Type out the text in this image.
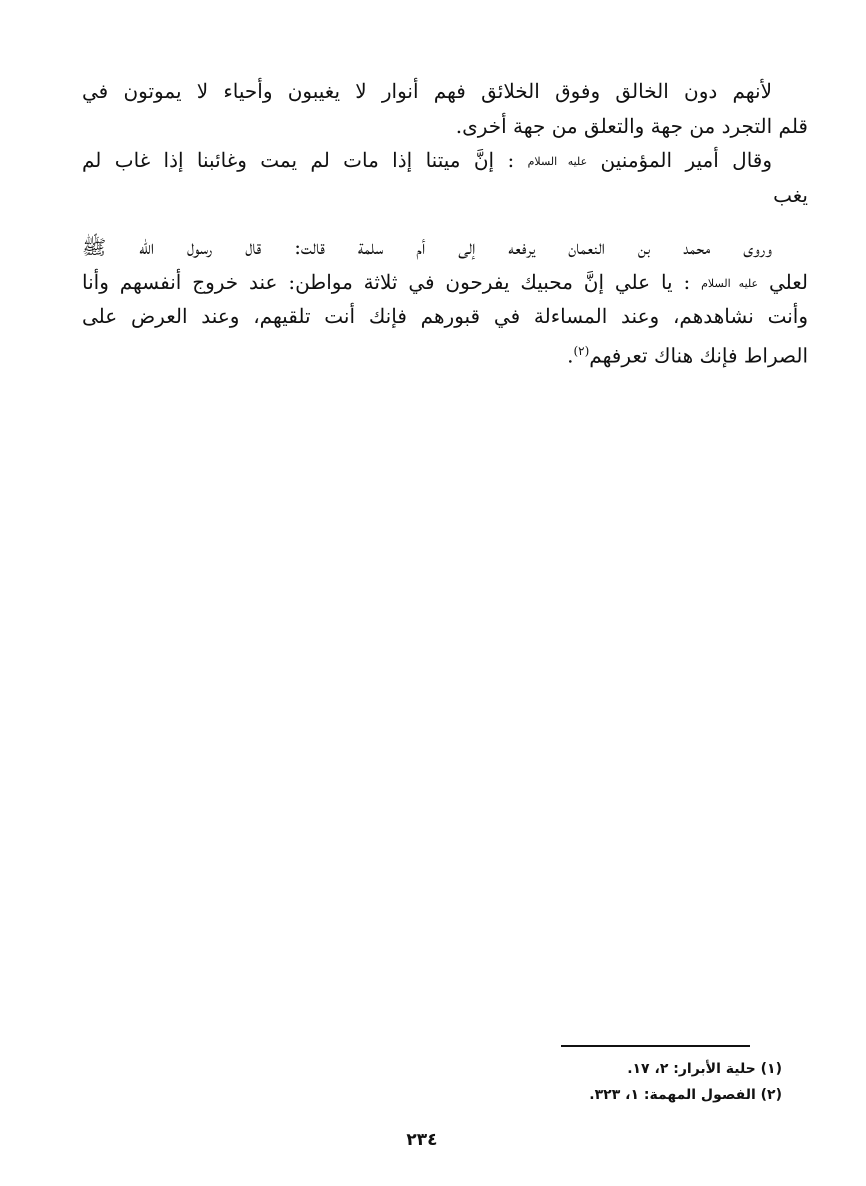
لأنهم دون الخالق وفوق الخلائق فهم أنوار لا يغيبون وأحياء لا يموتون في
قلم التجرد من جهة والتعلق من جهة أخرى.
وقال أمير المؤمنين عليه السلام : إنَّ ميتنا إذا مات لم يمت وغائبنا إذا غاب لم
يغب
وروى محمد بن النعمان يرفعه إلى أم سلمة قالت: قال رسول الله ﷺ
لعلي عليه السلام : يا علي إنَّ محبيك يفرحون في ثلاثة مواطن: عند خروج أنفسهم وأنا
وأنت نشاهدهم، وعند المساءلة في قبورهم فإنك أنت تلقيهم، وعند العرض على
الصراط فإنك هناك تعرفهم$^{(٢)}$.
(١) حلية الأبرار: ٢، ١٧.
(٢) الفصول المهمة: ١، ٣٢٣.
٢٣٤
